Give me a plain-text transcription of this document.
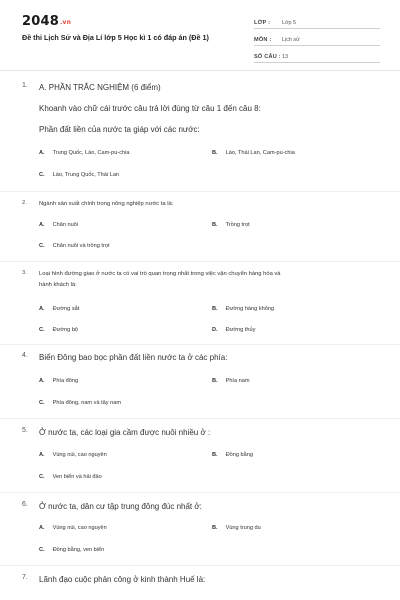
2048.vn
Đề thi Lịch Sử và Địa Lí lớp 5 Học kì 1 có đáp án (Đề 1)
LỚP : Lớp 5
MÔN : Lịch sử
SỐ CÂU : 13
1. A. PHẦN TRẮC NGHIỆM (6 điểm)
Khoanh vào chữ cái trước câu trả lời đúng từ câu 1 đến câu 8:
Phần đất liền của nước ta giáp với các nước:
A. Trung Quốc, Lào, Cam-pu-chia	B. Lào, Thái Lan, Cam-pu-chia
C. Lào, Trung Quốc, Thái Lan
2. Ngành sản xuất chính trong nông nghiệp nước ta là:
A. Chăn nuôi	B. Trồng trọt
C. Chăn nuôi và trồng trọt
3. Loại hình đường giao ở nước ta có vai trò quan trọng nhất trong việc vận chuyển hàng hóa và
hành khách là:
A. Đường sắt	B. Đường hàng không
C. Đường bộ	D. Đường thủy
4. Biển Đông bao bọc phần đất liền nước ta ở các phía:
A. Phía đông	B. Phía nam
C. Phía đông, nam và tây nam
5. Ở nước ta, các loại gia cầm được nuôi nhiều ở :
A. Vùng núi, cao nguyên	B. Đồng bằng
C. Ven biển và hải đảo
6. Ở nước ta, dân cư tập trung đông đúc nhất ở:
A. Vùng núi, cao nguyên	B. Vùng trung du
C. Đồng bằng, ven biển
7. Lãnh đạo cuộc phản công ở kinh thành Huế là:
